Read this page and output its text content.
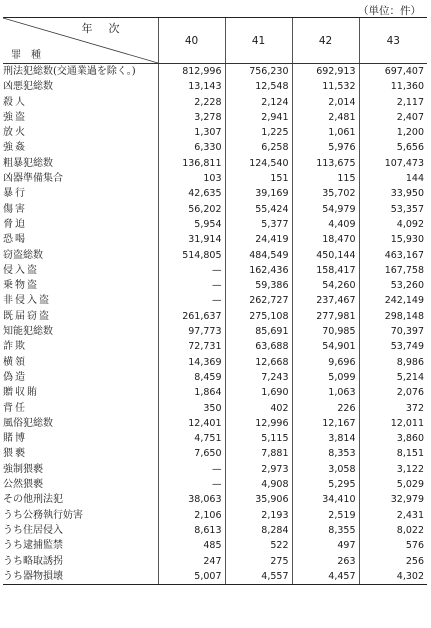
（単位：件）
年次
罪種	40	41	42	43
刑法犯総数(交通業過を除く。)	812,996	756,230	692,913	697,407
凶悪犯総数	13,143	12,548	11,532	11,360
殺人	2,228	2,124	2,014	2,117
強盗	3,278	2,941	2,481	2,407
放火	1,307	1,225	1,061	1,200
強姦	6,330	6,258	5,976	5,656
粗暴犯総数	136,811	124,540	113,675	107,473
凶器準備集合	103	151	115	144
暴行	42,635	39,169	35,702	33,950
傷害	56,202	55,424	54,979	53,357
脅迫	5,954	5,377	4,409	4,092
恐喝	31,914	24,419	18,470	15,930
窃盗総数	514,805	484,549	450,144	463,167
侵入盗	—	162,436	158,417	167,758
乗物盗	—	59,386	54,260	53,260
非侵入盗	—	262,727	237,467	242,149
既届窃盗	261,637	275,108	277,981	298,148
知能犯総数	97,773	85,691	70,985	70,397
詐欺	72,731	63,688	54,901	53,749
横領	14,369	12,668	9,696	8,986
偽造	8,459	7,243	5,099	5,214
贈収賄	1,864	1,690	1,063	2,076
背任	350	402	226	372
風俗犯総数	12,401	12,996	12,167	12,011
賭博	4,751	5,115	3,814	3,860
猥褻	7,650	7,881	8,353	8,151
強制猥褻	—	2,973	3,058	3,122
公然猥褻	—	4,908	5,295	5,029
その他刑法犯	38,063	35,906	34,410	32,979
うち公務執行妨害	2,106	2,193	2,519	2,431
うち住居侵入	8,613	8,284	8,355	8,022
うち逮捕監禁	485	522	497	576
うち略取誘拐	247	275	263	256
うち器物損壊	5,007	4,557	4,457	4,302
